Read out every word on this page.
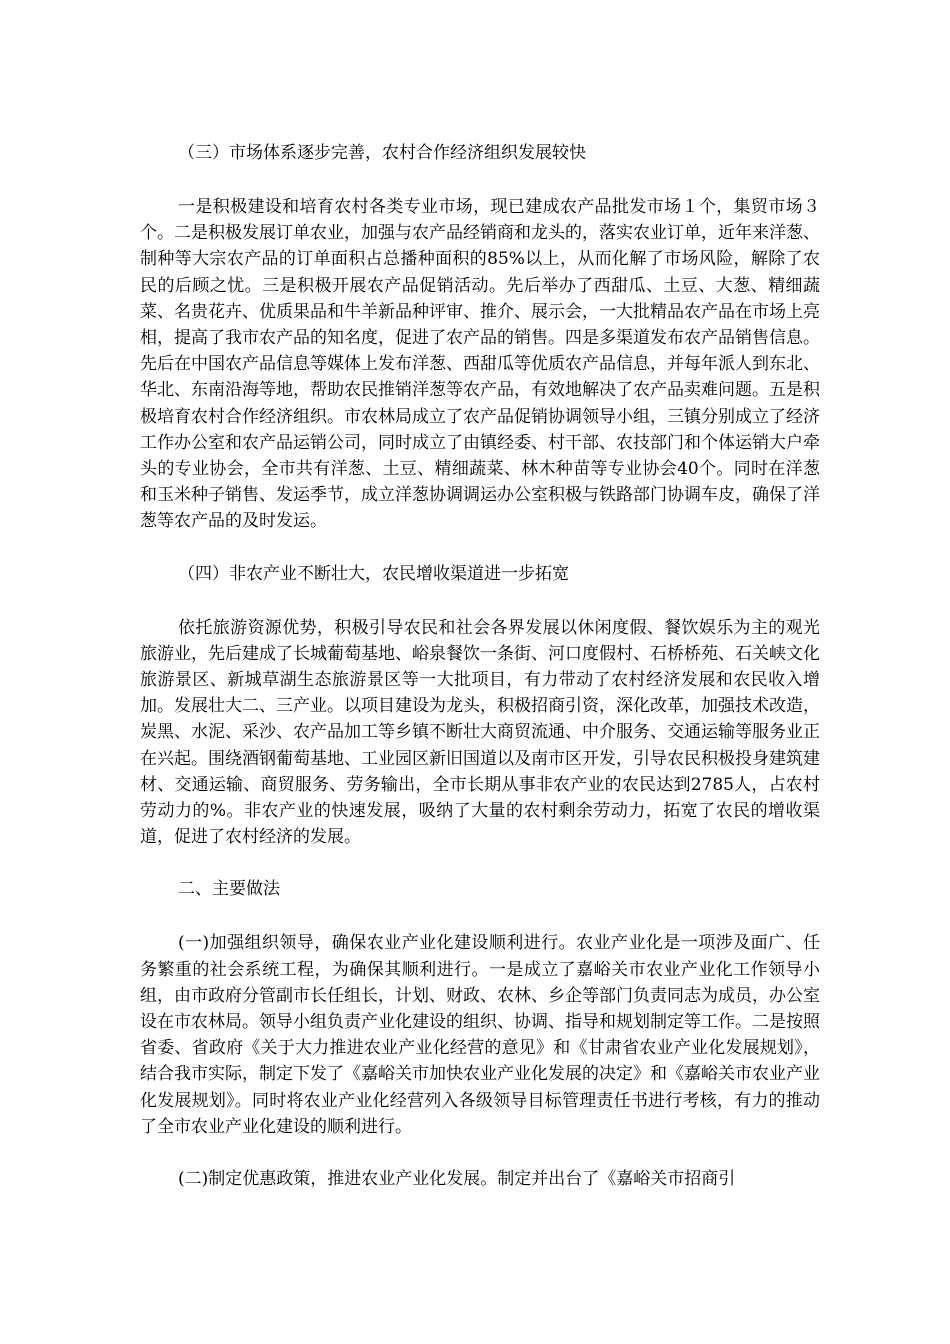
（三）市场体系逐步完善，农村合作经济组织发展较快

一是积极建设和培育农村各类专业市场，现已建成农产品批发市场１个，集贸市场３个。二是积极发展订单农业，加强与农产品经销商和龙头的，落实农业订单，近年来洋葱、制种等大宗农产品的订单面积占总播种面积的85%以上，从而化解了市场风险，解除了农民的后顾之忧。三是积极开展农产品促销活动。先后举办了西甜瓜、土豆、大葱、精细蔬菜、名贵花卉、优质果品和牛羊新品种评审、推介、展示会，一大批精品农产品在市场上亮相，提高了我市农产品的知名度，促进了农产品的销售。四是多渠道发布农产品销售信息。先后在中国农产品信息等媒体上发布洋葱、西甜瓜等优质农产品信息，并每年派人到东北、华北、东南沿海等地，帮助农民推销洋葱等农产品，有效地解决了农产品卖难问题。五是积极培育农村合作经济组织。市农林局成立了农产品促销协调领导小组，三镇分别成立了经济工作办公室和农产品运销公司，同时成立了由镇经委、村干部、农技部门和个体运销大户牵头的专业协会，全市共有洋葱、土豆、精细蔬菜、林木种苗等专业协会40个。同时在洋葱和玉米种子销售、发运季节，成立洋葱协调调运办公室积极与铁路部门协调车皮，确保了洋葱等农产品的及时发运。

（四）非农产业不断壮大，农民增收渠道进一步拓宽

依托旅游资源优势，积极引导农民和社会各界发展以休闲度假、餐饮娱乐为主的观光旅游业，先后建成了长城葡萄基地、峪泉餐饮一条街、河口度假村、石桥桥苑、石关峡文化旅游景区、新城草湖生态旅游景区等一大批项目，有力带动了农村经济发展和农民收入增加。发展壮大二、三产业。以项目建设为龙头，积极招商引资，深化改革，加强技术改造，炭黑、水泥、采沙、农产品加工等乡镇不断壮大商贸流通、中介服务、交通运输等服务业正在兴起。围绕酒钢葡萄基地、工业园区新旧国道以及南市区开发，引导农民积极投身建筑建材、交通运输、商贸服务、劳务输出，全市长期从事非农产业的农民达到2785人，占农村劳动力的%。非农产业的快速发展，吸纳了大量的农村剩余劳动力，拓宽了农民的增收渠道，促进了农村经济的发展。

二、主要做法

(一)加强组织领导，确保农业产业化建设顺利进行。农业产业化是一项涉及面广、任务繁重的社会系统工程，为确保其顺利进行。一是成立了嘉峪关市农业产业化工作领导小组，由市政府分管副市长任组长，计划、财政、农林、乡企等部门负责同志为成员，办公室设在市农林局。领导小组负责产业化建设的组织、协调、指导和规划制定等工作。二是按照省委、省政府《关于大力推进农业产业化经营的意见》和《甘肃省农业产业化发展规划》，结合我市实际，制定下发了《嘉峪关市加快农业产业化发展的决定》和《嘉峪关市农业产业化发展规划》。同时将农业产业化经营列入各级领导目标管理责任书进行考核，有力的推动了全市农业产业化建设的顺利进行。

(二)制定优惠政策，推进农业产业化发展。制定并出台了《嘉峪关市招商引
